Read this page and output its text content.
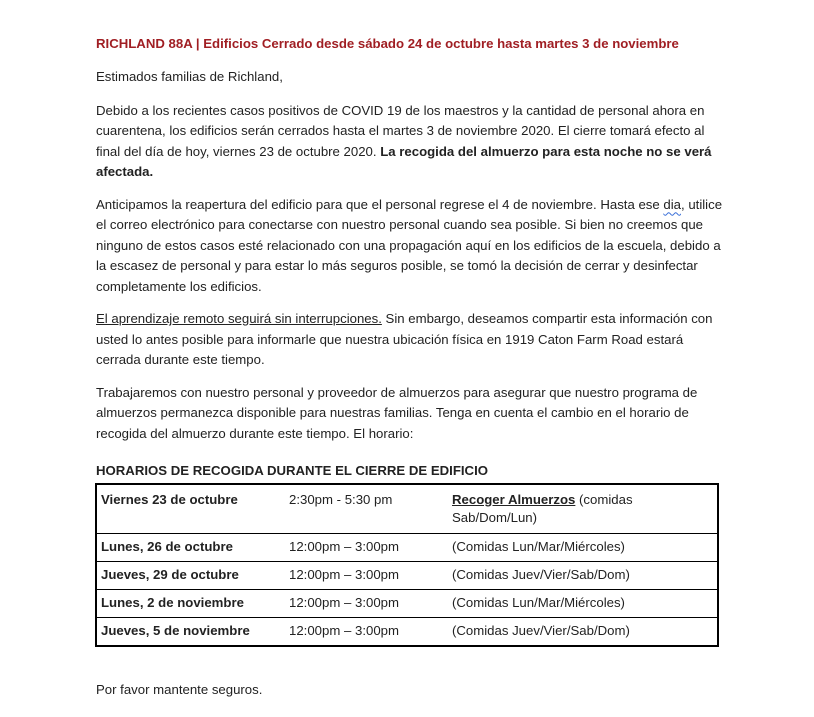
RICHLAND 88A | Edificios Cerrado desde sábado 24 de octubre hasta martes 3 de noviembre

Estimados familias de Richland,

Debido a los recientes casos positivos de COVID 19 de los maestros y la cantidad de personal ahora en cuarentena, los edificios serán cerrados hasta el martes 3 de noviembre 2020. El cierre tomará efecto al final del día de hoy, viernes 23 de octubre 2020. La recogida del almuerzo para esta noche no se verá afectada.

Anticipamos la reapertura del edificio para que el personal regrese el 4 de noviembre. Hasta ese dia, utilice el correo electrónico para conectarse con nuestro personal cuando sea posible. Si bien no creemos que ninguno de estos casos esté relacionado con una propagación aquí en los edificios de la escuela, debido a la escasez de personal y para estar lo más seguros posible, se tomó la decisión de cerrar y desinfectar completamente los edificios.

El aprendizaje remoto seguirá sin interrupciones. Sin embargo, deseamos compartir esta información con usted lo antes posible para informarle que nuestra ubicación física en 1919 Caton Farm Road estará cerrada durante este tiempo.

Trabajaremos con nuestro personal y proveedor de almuerzos para asegurar que nuestro programa de almuerzos permanezca disponible para nuestras familias. Tenga en cuenta el cambio en el horario de recogida del almuerzo durante este tiempo. El horario:

HORARIOS DE RECOGIDA DURANTE EL CIERRE DE EDIFICIO
Viernes 23 de octubre	2:30pm - 5:30 pm	Recoger Almuerzos (comidas Sab/Dom/Lun)
Lunes, 26 de octubre	12:00pm – 3:00pm	(Comidas Lun/Mar/Miércoles)
Jueves, 29 de octubre	12:00pm – 3:00pm	(Comidas Juev/Vier/Sab/Dom)
Lunes, 2 de noviembre	12:00pm – 3:00pm	(Comidas Lun/Mar/Miércoles)
Jueves, 5 de noviembre	12:00pm – 3:00pm	(Comidas Juev/Vier/Sab/Dom)
Por favor mantente seguros.
